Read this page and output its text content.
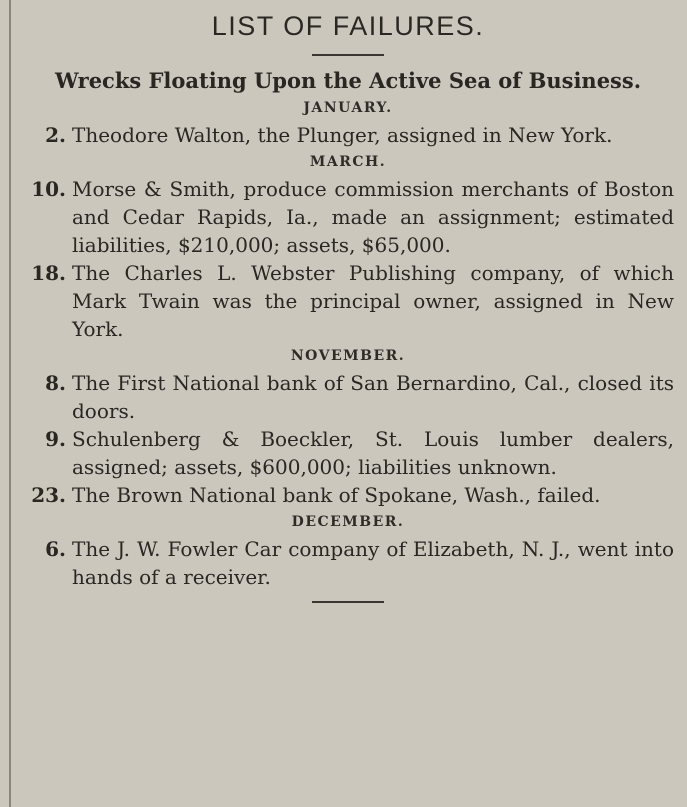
LIST OF FAILURES.
Wrecks Floating Upon the Active Sea of Business.

JANUARY.

2. Theodore Walton, the Plunger, assigned in New York.

MARCH.

10. Morse & Smith, produce commission merchants of Boston and Cedar Rapids, Ia., made an assignment; estimated liabilities, $210,000; assets, $65,000.
18. The Charles L. Webster Publishing company, of which Mark Twain was the principal owner, assigned in New York.

NOVEMBER.

8. The First National bank of San Bernardino, Cal., closed its doors.
9. Schulenberg & Boeckler, St. Louis lumber dealers, assigned; assets, $600,000; liabilities unknown.
23. The Brown National bank of Spokane, Wash., failed.

DECEMBER.

6. The J. W. Fowler Car company of Elizabeth, N. J., went into hands of a receiver.
